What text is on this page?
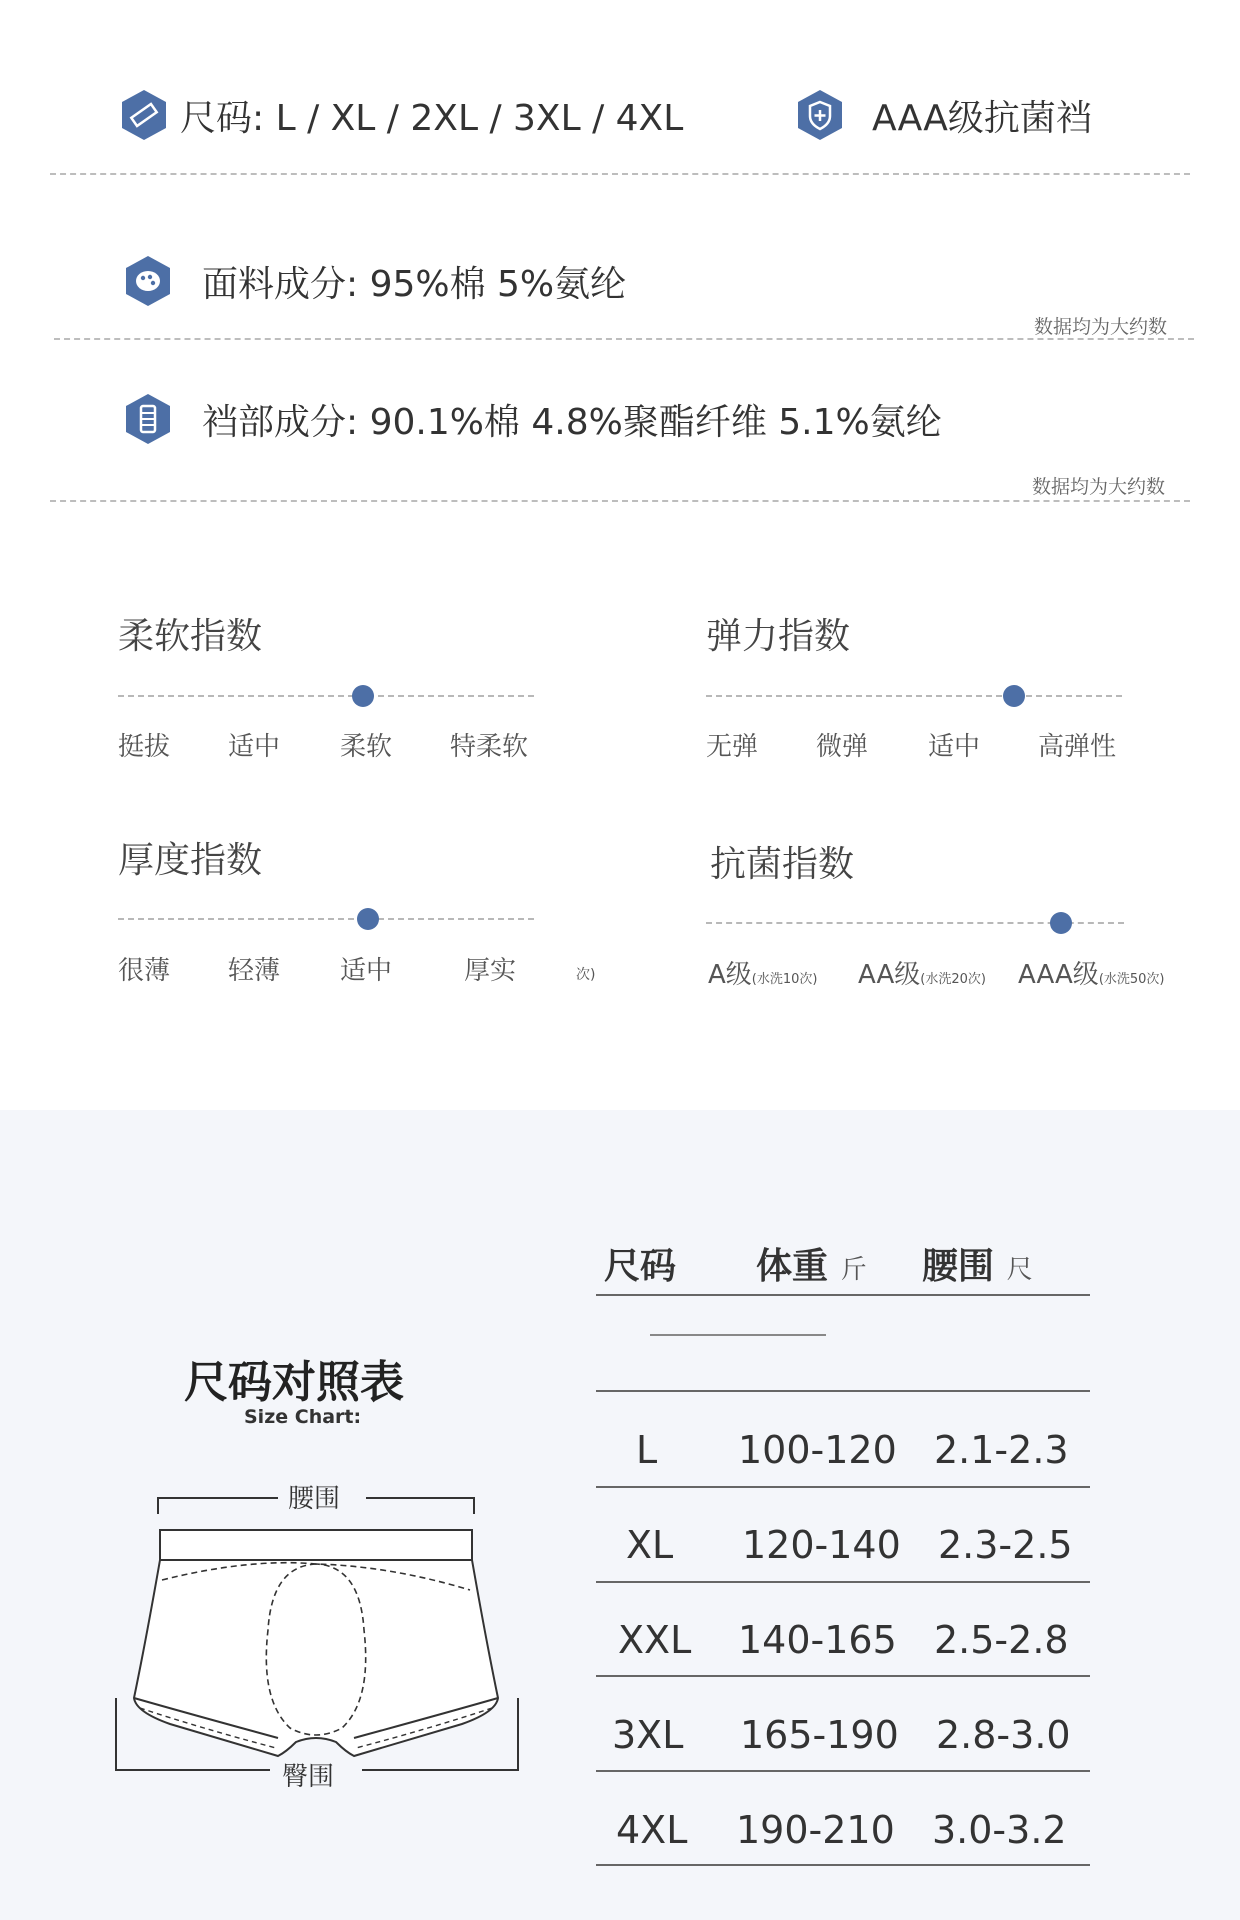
尺码: L / XL / 2XL / 3XL / 4XL	AAA级抗菌裆
面料成分: 95%棉 5%氨纶
数据均为大约数
裆部成分: 90.1%棉 4.8%聚酯纤维 5.1%氨纶
数据均为大约数
柔软指数
挺拔 适中 柔软 特柔软
弹力指数
无弹 微弹 适中 高弹性
厚度指数
很薄 轻薄 适中	厚实	次)
抗菌指数
A级(水洗10次) AA级(水洗20次) AAA级(水洗50次)
尺码对照表
Size Chart:
腰围
臀围
尺码 体重 斤 腰围 尺
L 100-120 2.1-2.3
XL 120-140 2.3-2.5
XXL 140-165 2.5-2.8
3XL 165-190 2.8-3.0
4XL 190-210 3.0-3.2
